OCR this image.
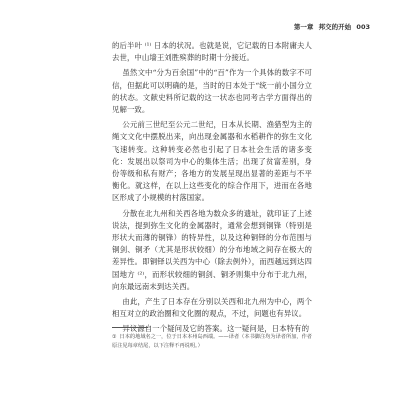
第一章 邦交的开始 003

的后半叶 ⁽¹⁾ 日本的状况。也就是说，它记载的日本附庸夫人去世，中山墙王刘胜殡葬的时期十分接近。

虽然文中“分为百余国”中的“百”作为一个具体的数字不可信，但据此可以明确的是，当时的日本处于“统一前小国分立的状态。文献史料所记载的这一状态也同考古学方面得出的见解一致。

公元前三世纪至公元二世纪，日本从长期、渔猎型为主的绳文文化中摆脱出来，向出现金属器和水稻耕作的弥生文化飞速转变。这种转变必然也引起了日本社会生活的诸多变化：发展出以祭司为中心的集体生活；出现了贫富差别，身份等级和私有财产；各地方的发展呈现出显著的差距与不平衡化。就这样，在以上这些变化的综合作用下，进而在各地区形成了小规模的村落国家。

分散在北九州和关西各地为数众多的遗址，就印证了上述说法，提到弥生文化的金属器时，通常会想到铜锋（特别是形状大而薄的铜锋）的特异性，以及这种铜铎的分布范围与铜剑、铜矛（尤其是形状较细）的分布地域之间存在极大的差异性。即铜铎以关西为中心（除去例外），而西越远到达四国地方 ⁽²⁾，而形状较细的铜剑、铜矛则集中分布于北九州，向东最远南未到达关西。

由此，产生了日本存在分别以关西和北九州为中心，两个相互对立的政治圈和文化圈的观点，不过，问题也有异议。

异议源自一个疑问及它的答案。这一疑问是，日本特有的

① 日本的地域名之一，位于日本本州岛西端。——译者（本书脚注均为译者所加，作者原注见每章结尾，以下注释不再说明。）
